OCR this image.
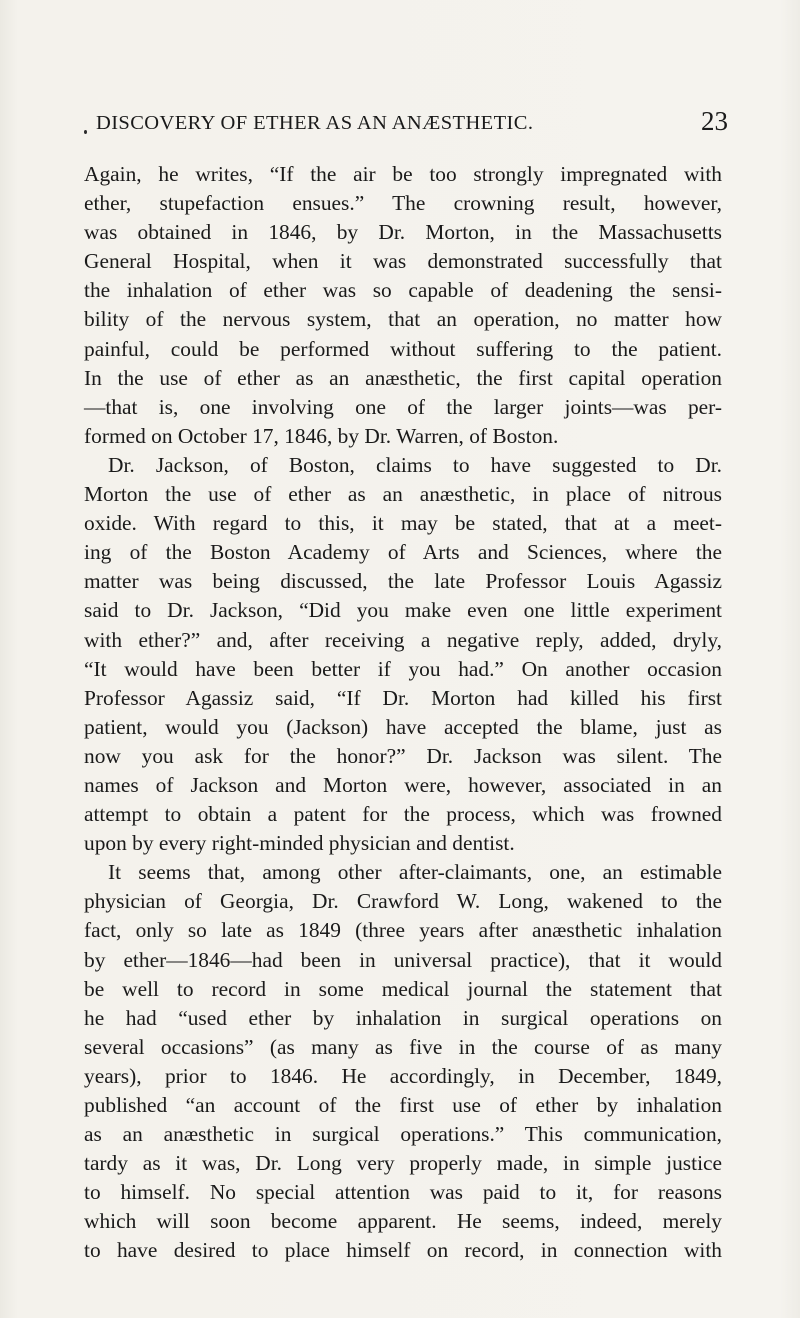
DISCOVERY OF ETHER AS AN ANÆSTHETIC.	23
Again, he writes, “If the air be too strongly impregnated with
ether, stupefaction ensues.” The crowning result, however,
was obtained in 1846, by Dr. Morton, in the Massachusetts
General Hospital, when it was demonstrated successfully that
the inhalation of ether was so capable of deadening the sensi-
bility of the nervous system, that an operation, no matter how
painful, could be performed without suffering to the patient.
In the use of ether as an anæsthetic, the first capital operation
—that is, one involving one of the larger joints—was per-
formed on October 17, 1846, by Dr. Warren, of Boston.
Dr. Jackson, of Boston, claims to have suggested to Dr.
Morton the use of ether as an anæsthetic, in place of nitrous
oxide. With regard to this, it may be stated, that at a meet-
ing of the Boston Academy of Arts and Sciences, where the
matter was being discussed, the late Professor Louis Agassiz
said to Dr. Jackson, “Did you make even one little experiment
with ether?” and, after receiving a negative reply, added, dryly,
“It would have been better if you had.” On another occasion
Professor Agassiz said, “If Dr. Morton had killed his first
patient, would you (Jackson) have accepted the blame, just as
now you ask for the honor?” Dr. Jackson was silent. The
names of Jackson and Morton were, however, associated in an
attempt to obtain a patent for the process, which was frowned
upon by every right-minded physician and dentist.
It seems that, among other after-claimants, one, an estimable
physician of Georgia, Dr. Crawford W. Long, wakened to the
fact, only so late as 1849 (three years after anæsthetic inhalation
by ether—1846—had been in universal practice), that it would
be well to record in some medical journal the statement that
he had “used ether by inhalation in surgical operations on
several occasions” (as many as five in the course of as many
years), prior to 1846. He accordingly, in December, 1849,
published “an account of the first use of ether by inhalation
as an anæsthetic in surgical operations.” This communication,
tardy as it was, Dr. Long very properly made, in simple justice
to himself. No special attention was paid to it, for reasons
which will soon become apparent. He seems, indeed, merely
to have desired to place himself on record, in connection with
